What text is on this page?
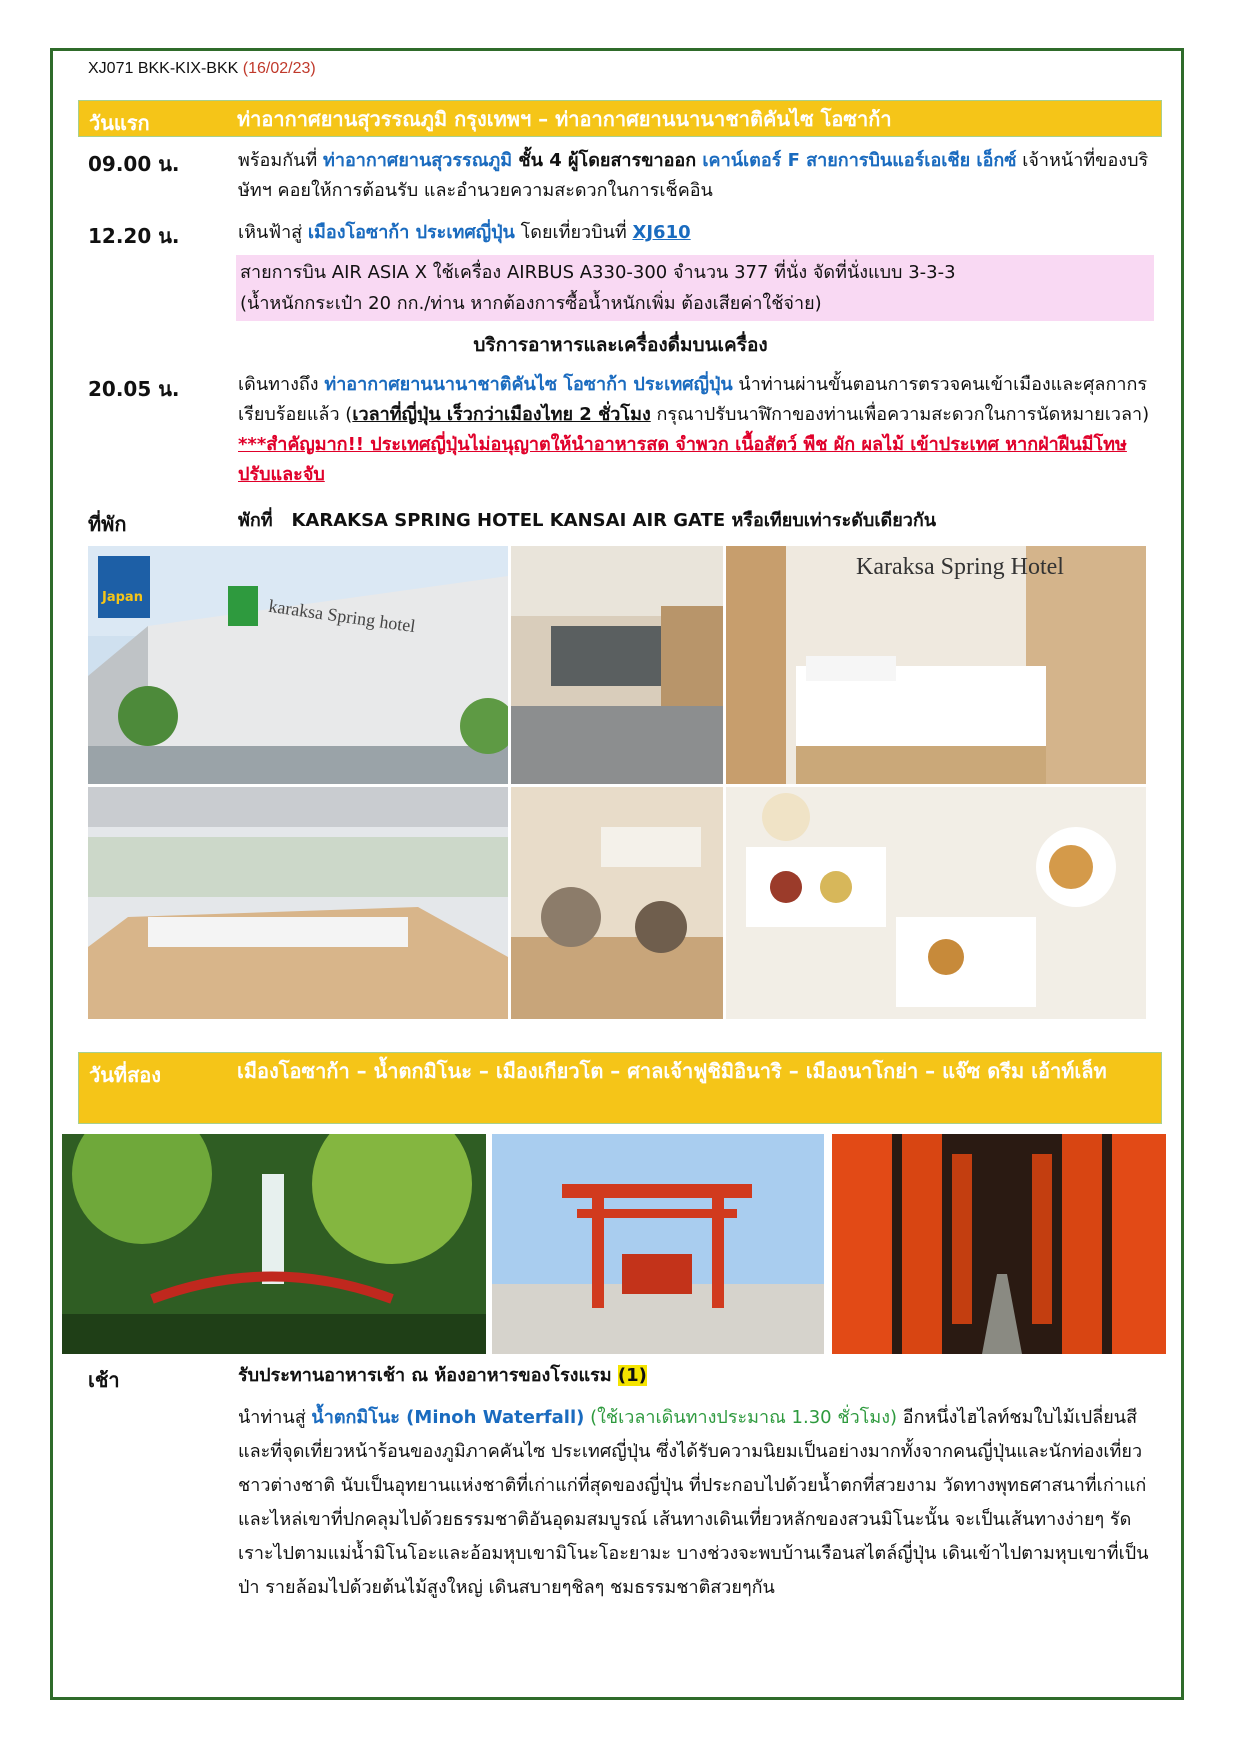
XJ071 BKK-KIX-BKK (16/02/23)
วันแรก	ท่าอากาศยานสุวรรณภูมิ กรุงเทพฯ – ท่าอากาศยานนานาชาติคันไซ โอซาก้า
09.00 น.	พร้อมกันที่ ท่าอากาศยานสุวรรณภูมิ ชั้น 4 ผู้โดยสารขาออก เคาน์เตอร์ F สายการบินแอร์เอเชีย เอ็กซ์ เจ้าหน้าที่ของบริษัทฯ คอยให้การต้อนรับ และอำนวยความสะดวกในการเช็คอิน
12.20 น.	เหินฟ้าสู่ เมืองโอซาก้า ประเทศญี่ปุ่น โดยเที่ยวบินที่ XJ610
สายการบิน AIR ASIA X ใช้เครื่อง AIRBUS A330-300 จำนวน 377 ที่นั่ง จัดที่นั่งแบบ 3-3-3
(น้ำหนักกระเป๋า 20 กก./ท่าน หากต้องการซื้อน้ำหนักเพิ่ม ต้องเสียค่าใช้จ่าย)
บริการอาหารและเครื่องดื่มบนเครื่อง
20.05 น.	เดินทางถึง ท่าอากาศยานนานาชาติคันไซ โอซาก้า ประเทศญี่ปุ่น นำท่านผ่านขั้นตอนการตรวจคนเข้าเมืองและศุลกากร เรียบร้อยแล้ว (เวลาที่ญี่ปุ่น เร็วกว่าเมืองไทย 2 ชั่วโมง กรุณาปรับนาฬิกาของท่านเพื่อความสะดวกในการนัดหมายเวลา) ***สำคัญมาก!! ประเทศญี่ปุ่นไม่อนุญาตให้นำอาหารสด จำพวก เนื้อสัตว์ พืช ผัก ผลไม้ เข้าประเทศ หากฝ่าฝืนมีโทษปรับและจับ
ที่พัก	พักที่ KARAKSA SPRING HOTEL KANSAI AIR GATE หรือเทียบเท่าระดับเดียวกัน
Japan	karaksa Spring hotel
Karaksa Spring Hotel
วันที่สอง	เมืองโอซาก้า – น้ำตกมิโนะ – เมืองเกียวโต – ศาลเจ้าฟูชิมิอินาริ – เมืองนาโกย่า – แจ๊ซ ดรีม เอ้าท์เล็ท
เช้า	รับประทานอาหารเช้า ณ ห้องอาหารของโรงแรม (1)
นำท่านสู่ น้ำตกมิโนะ (Minoh Waterfall) (ใช้เวลาเดินทางประมาณ 1.30 ชั่วโมง) อีกหนึ่งไฮไลท์ชมใบไม้เปลี่ยนสี และที่จุดเที่ยวหน้าร้อนของภูมิภาคคันไซ ประเทศญี่ปุ่น ซึ่งได้รับความนิยมเป็นอย่างมากทั้งจากคนญี่ปุ่นและนักท่องเที่ยวชาวต่างชาติ นับเป็นอุทยานแห่งชาติที่เก่าแก่ที่สุดของญี่ปุ่น ที่ประกอบไปด้วยน้ำตกที่สวยงาม วัดทางพุทธศาสนาที่เก่าแก่ และไหล่เขาที่ปกคลุมไปด้วยธรรมชาติอันอุดมสมบูรณ์ เส้นทางเดินเที่ยวหลักของสวนมิโนะนั้น จะเป็นเส้นทางง่ายๆ รัดเราะไปตามแม่น้ำมิโนโอะและอ้อมหุบเขามิโนะโอะยามะ บางช่วงจะพบบ้านเรือนสไตล์ญี่ปุ่น เดินเข้าไปตามหุบเขาที่เป็นป่า รายล้อมไปด้วยต้นไม้สูงใหญ่ เดินสบายๆชิลๆ ชมธรรมชาติสวยๆกัน
